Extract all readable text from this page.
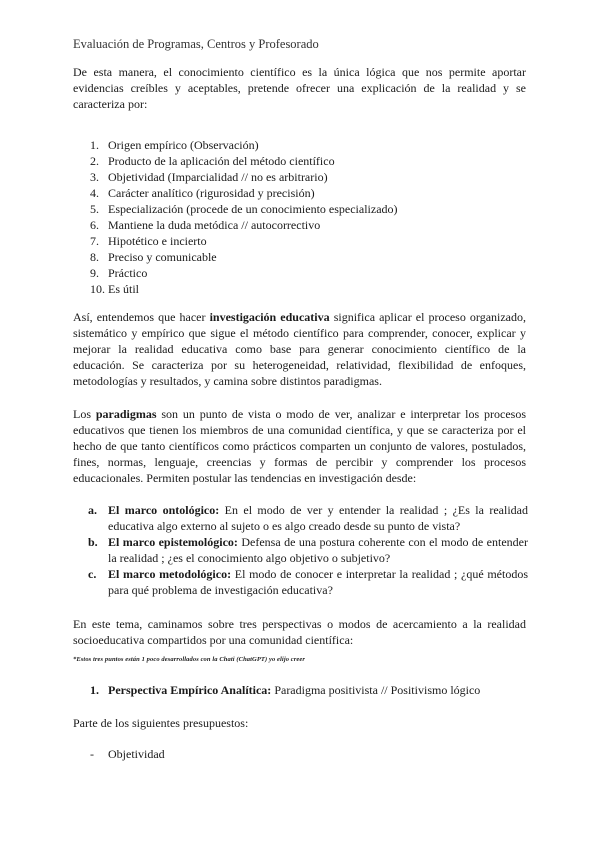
Evaluación de Programas, Centros y Profesorado

De esta manera, el conocimiento científico es la única lógica que nos permite aportar evidencias creíbles y aceptables, pretende ofrecer una explicación de la realidad y se caracteriza por:

1. Origen empírico (Observación)
2. Producto de la aplicación del método científico
3. Objetividad (Imparcialidad // no es arbitrario)
4. Carácter analítico (rigurosidad y precisión)
5. Especialización (procede de un conocimiento especializado)
6. Mantiene la duda metódica // autocorrectivo
7. Hipotético e incierto
8. Preciso y comunicable
9. Práctico
10. Es útil

Así, entendemos que hacer investigación educativa significa aplicar el proceso organizado, sistemático y empírico que sigue el método científico para comprender, conocer, explicar y mejorar la realidad educativa como base para generar conocimiento científico de la educación. Se caracteriza por su heterogeneidad, relatividad, flexibilidad de enfoques, metodologías y resultados, y camina sobre distintos paradigmas.

Los paradigmas son un punto de vista o modo de ver, analizar e interpretar los procesos educativos que tienen los miembros de una comunidad científica, y que se caracteriza por el hecho de que tanto científicos como prácticos comparten un conjunto de valores, postulados, fines, normas, lenguaje, creencias y formas de percibir y comprender los procesos educacionales. Permiten postular las tendencias en investigación desde:

a. El marco ontológico: En el modo de ver y entender la realidad ; ¿Es la realidad educativa algo externo al sujeto o es algo creado desde su punto de vista?
b. El marco epistemológico: Defensa de una postura coherente con el modo de entender la realidad ; ¿es el conocimiento algo objetivo o subjetivo?
c. El marco metodológico: El modo de conocer e interpretar la realidad ; ¿qué métodos para qué problema de investigación educativa?

En este tema, caminamos sobre tres perspectivas o modos de acercamiento a la realidad socioeducativa compartidos por una comunidad científica:

*Estos tres puntos están 1 poco desarrollados con la Chati (ChatGPT) yo elijo creer
1. Perspectiva Empírico Analítica: Paradigma positivista // Positivismo lógico

Parte de los siguientes presupuestos:

- Objetividad
